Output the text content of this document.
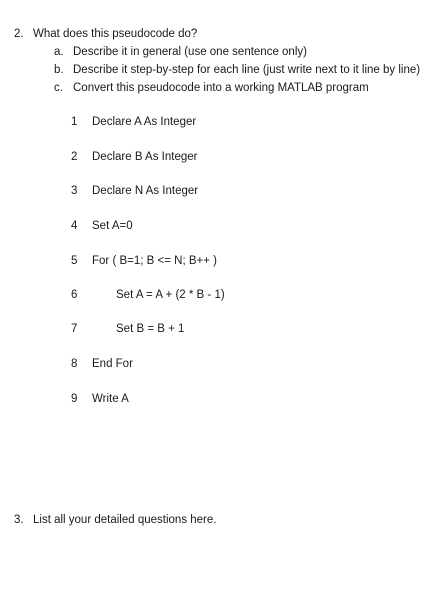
2. What does this pseudocode do?
a. Describe it in general (use one sentence only)
b. Describe it step-by-step for each line (just write next to it line by line)
c. Convert this pseudocode into a working MATLAB program
1	Declare A As Integer
2	Declare B As Integer
3	Declare N As Integer
4	Set A=0
5	For ( B=1; B <= N; B++ )
6	Set A = A + (2 * B - 1)
7	Set B = B + 1
8	End For
9	Write A
3. List all your detailed questions here.
